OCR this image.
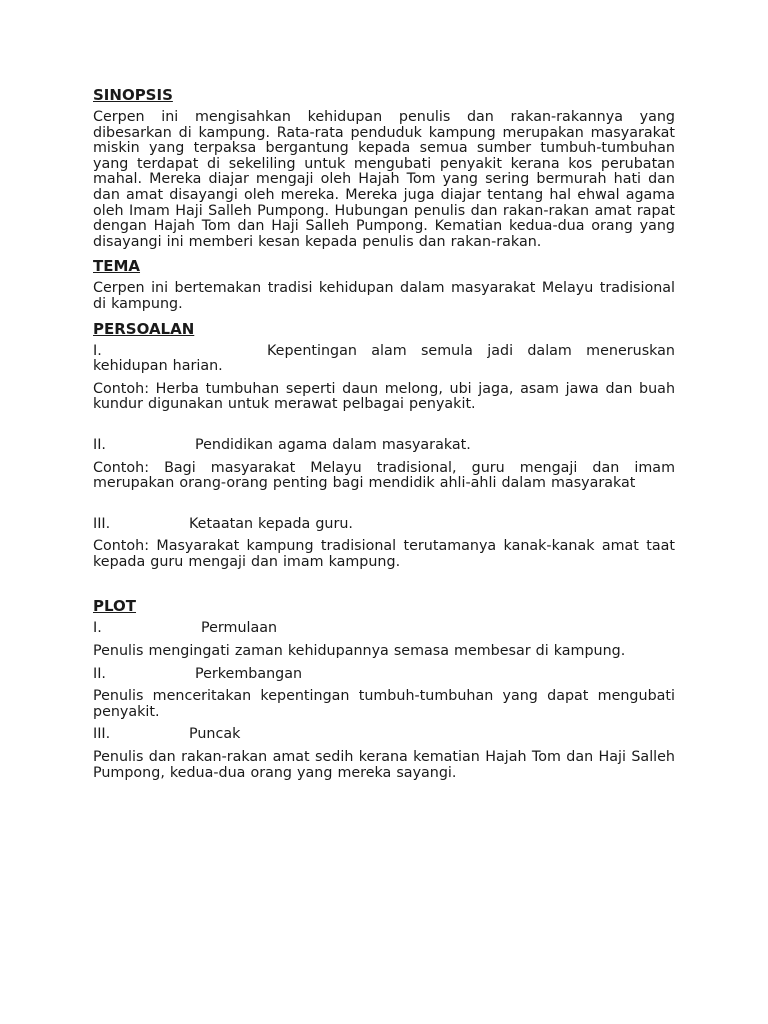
SINOPSIS

Cerpen ini mengisahkan kehidupan penulis dan rakan-rakannya yang dibesarkan di kampung. Rata-rata penduduk kampung merupakan masyarakat miskin yang terpaksa bergantung kepada semua sumber tumbuh-tumbuhan yang terdapat di sekeliling untuk mengubati penyakit kerana kos perubatan mahal. Mereka diajar mengaji oleh Hajah Tom yang sering bermurah hati dan dan amat disayangi oleh mereka. Mereka juga diajar tentang hal ehwal agama oleh Imam Haji Salleh Pumpong. Hubungan penulis dan rakan-rakan amat rapat dengan Hajah Tom dan Haji Salleh Pumpong. Kematian kedua-dua orang yang disayangi ini memberi kesan kepada penulis dan rakan-rakan.

TEMA

Cerpen ini bertemakan tradisi kehidupan dalam masyarakat Melayu tradisional di kampung.

PERSOALAN

I.	Kepentingan alam semula jadi dalam meneruskan kehidupan harian.

Contoh: Herba tumbuhan seperti daun melong, ubi jaga, asam jawa dan buah kundur digunakan untuk merawat pelbagai penyakit.

II.	Pendidikan agama dalam masyarakat.

Contoh: Bagi masyarakat Melayu tradisional, guru mengaji dan imam merupakan orang-orang penting bagi mendidik ahli-ahli dalam masyarakat

III.	Ketaatan kepada guru.

Contoh: Masyarakat kampung tradisional terutamanya kanak-kanak amat taat kepada guru mengaji dan imam kampung.

PLOT

I.	Permulaan

Penulis mengingati zaman kehidupannya semasa membesar di kampung.

II.	Perkembangan

Penulis menceritakan kepentingan tumbuh-tumbuhan yang dapat mengubati penyakit.

III.	Puncak

Penulis dan rakan-rakan amat sedih kerana kematian Hajah Tom dan Haji Salleh Pumpong, kedua-dua orang yang mereka sayangi.
